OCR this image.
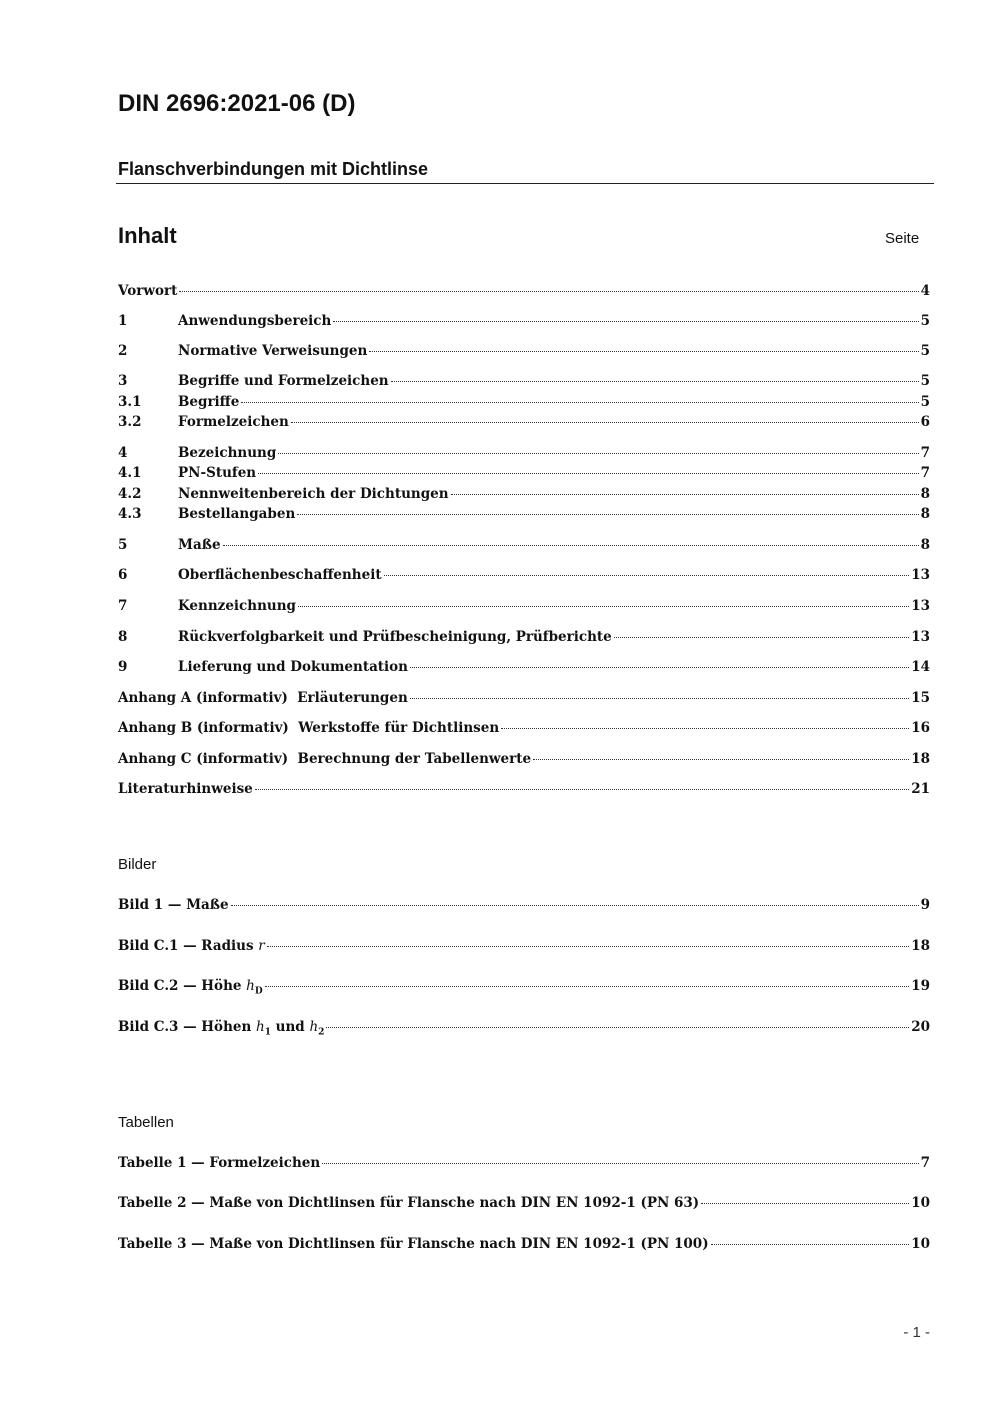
DIN 2696:2021-06 (D)
Flanschverbindungen mit Dichtlinse
Inhalt	Seite
Vorwort	4
1	Anwendungsbereich	5
2	Normative Verweisungen	5
3	Begriffe und Formelzeichen	5
3.1	Begriffe	5
3.2	Formelzeichen	6
4	Bezeichnung	7
4.1	PN-Stufen	7
4.2	Nennweitenbereich der Dichtungen	8
4.3	Bestellangaben	8
5	Maße	8
6	Oberflächenbeschaffenheit	13
7	Kennzeichnung	13
8	Rückverfolgbarkeit und Prüfbescheinigung, Prüfberichte	13
9	Lieferung und Dokumentation	14
Anhang A (informativ)  Erläuterungen	15
Anhang B (informativ)  Werkstoffe für Dichtlinsen	16
Anhang C (informativ)  Berechnung der Tabellenwerte	18
Literaturhinweise	21
Bilder
Bild 1 — Maße	9
Bild C.1 — Radius r	18
Bild C.2 — Höhe $h_D$	19
Bild C.3 — Höhen $h_1$ und $h_2$	20
Tabellen
Tabelle 1 — Formelzeichen	7
Tabelle 2 — Maße von Dichtlinsen für Flansche nach DIN EN 1092-1 (PN 63)	10
Tabelle 3 — Maße von Dichtlinsen für Flansche nach DIN EN 1092-1 (PN 100)	10
- 1 -
